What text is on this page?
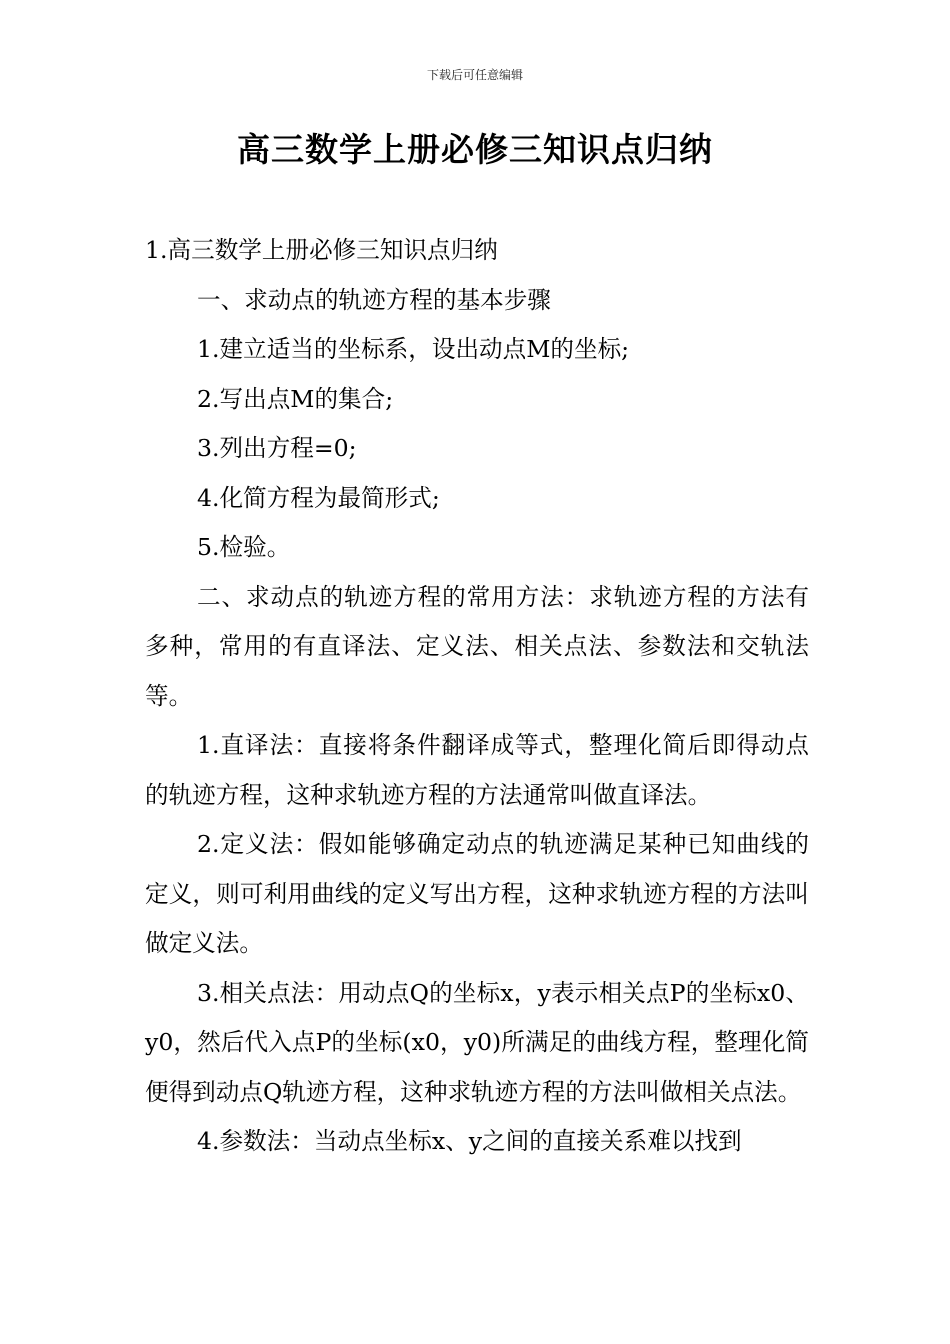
下载后可任意编辑
高三数学上册必修三知识点归纳

1.高三数学上册必修三知识点归纳

一、求动点的轨迹方程的基本步骤

1.建立适当的坐标系，设出动点M的坐标;

2.写出点M的集合;

3.列出方程=0;

4.化简方程为最简形式;

5.检验。

二、求动点的轨迹方程的常用方法：求轨迹方程的方法有多种，常用的有直译法、定义法、相关点法、参数法和交轨法等。

1.直译法：直接将条件翻译成等式，整理化简后即得动点的轨迹方程，这种求轨迹方程的方法通常叫做直译法。

2.定义法：假如能够确定动点的轨迹满足某种已知曲线的定义，则可利用曲线的定义写出方程，这种求轨迹方程的方法叫做定义法。

3.相关点法：用动点Q的坐标x，y表示相关点P的坐标x0、y0，然后代入点P的坐标(x0，y0)所满足的曲线方程，整理化简便得到动点Q轨迹方程，这种求轨迹方程的方法叫做相关点法。

4.参数法：当动点坐标x、y之间的直接关系难以找到
